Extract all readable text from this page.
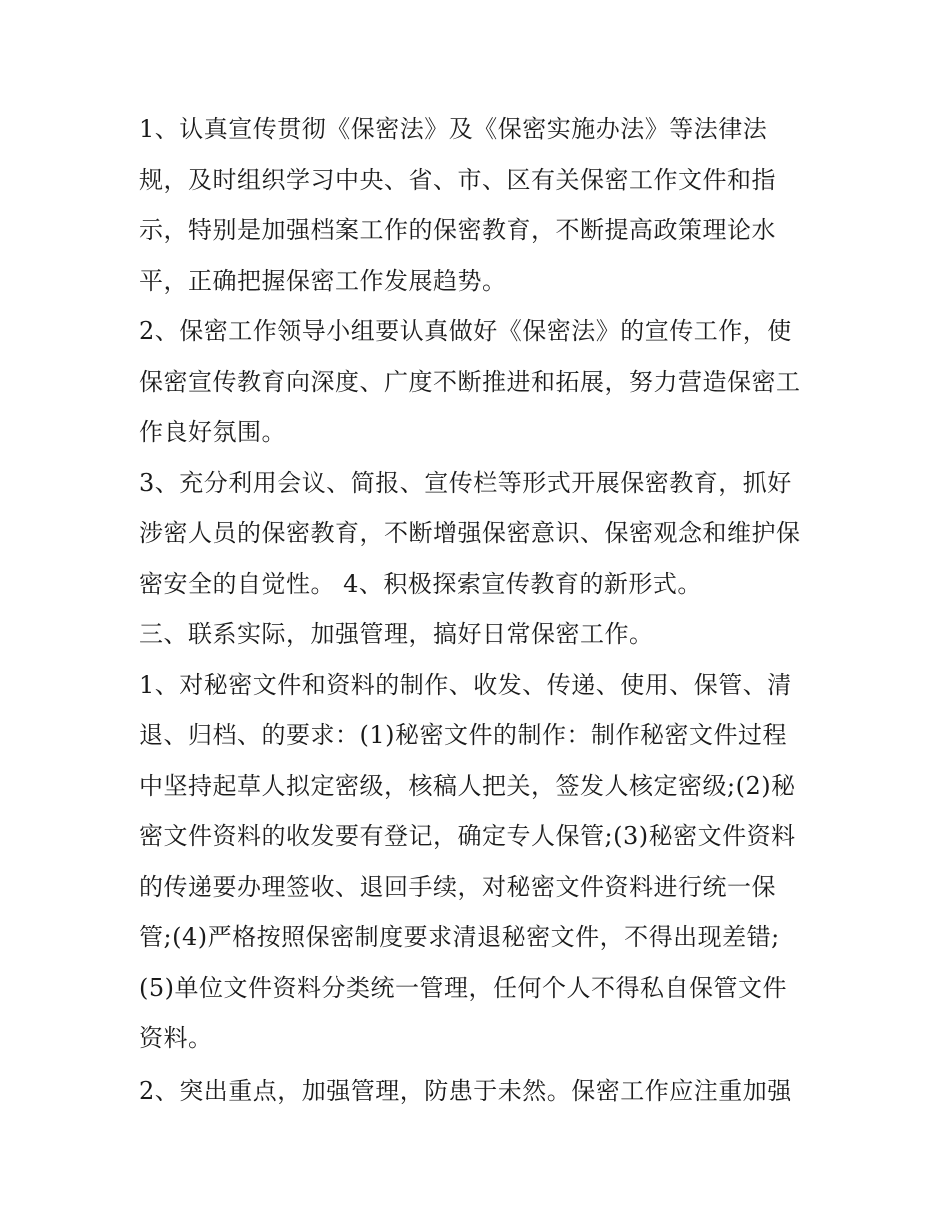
1、认真宣传贯彻《保密法》及《保密实施办法》等法律法
规，及时组织学习中央、省、市、区有关保密工作文件和指
示，特别是加强档案工作的保密教育，不断提高政策理论水
平，正确把握保密工作发展趋势。
2、保密工作领导小组要认真做好《保密法》的宣传工作，使
保密宣传教育向深度、广度不断推进和拓展，努力营造保密工
作良好氛围。
3、充分利用会议、简报、宣传栏等形式开展保密教育，抓好
涉密人员的保密教育，不断增强保密意识、保密观念和维护保
密安全的自觉性。 4、积极探索宣传教育的新形式。
三、联系实际，加强管理，搞好日常保密工作。
1、对秘密文件和资料的制作、收发、传递、使用、保管、清
退、归档、的要求：(1)秘密文件的制作：制作秘密文件过程
中坚持起草人拟定密级，核稿人把关，签发人核定密级;(2)秘
密文件资料的收发要有登记，确定专人保管;(3)秘密文件资料
的传递要办理签收、退回手续，对秘密文件资料进行统一保
管;(4)严格按照保密制度要求清退秘密文件，不得出现差错;
(5)单位文件资料分类统一管理，任何个人不得私自保管文件
资料。
2、突出重点，加强管理，防患于未然。保密工作应注重加强
